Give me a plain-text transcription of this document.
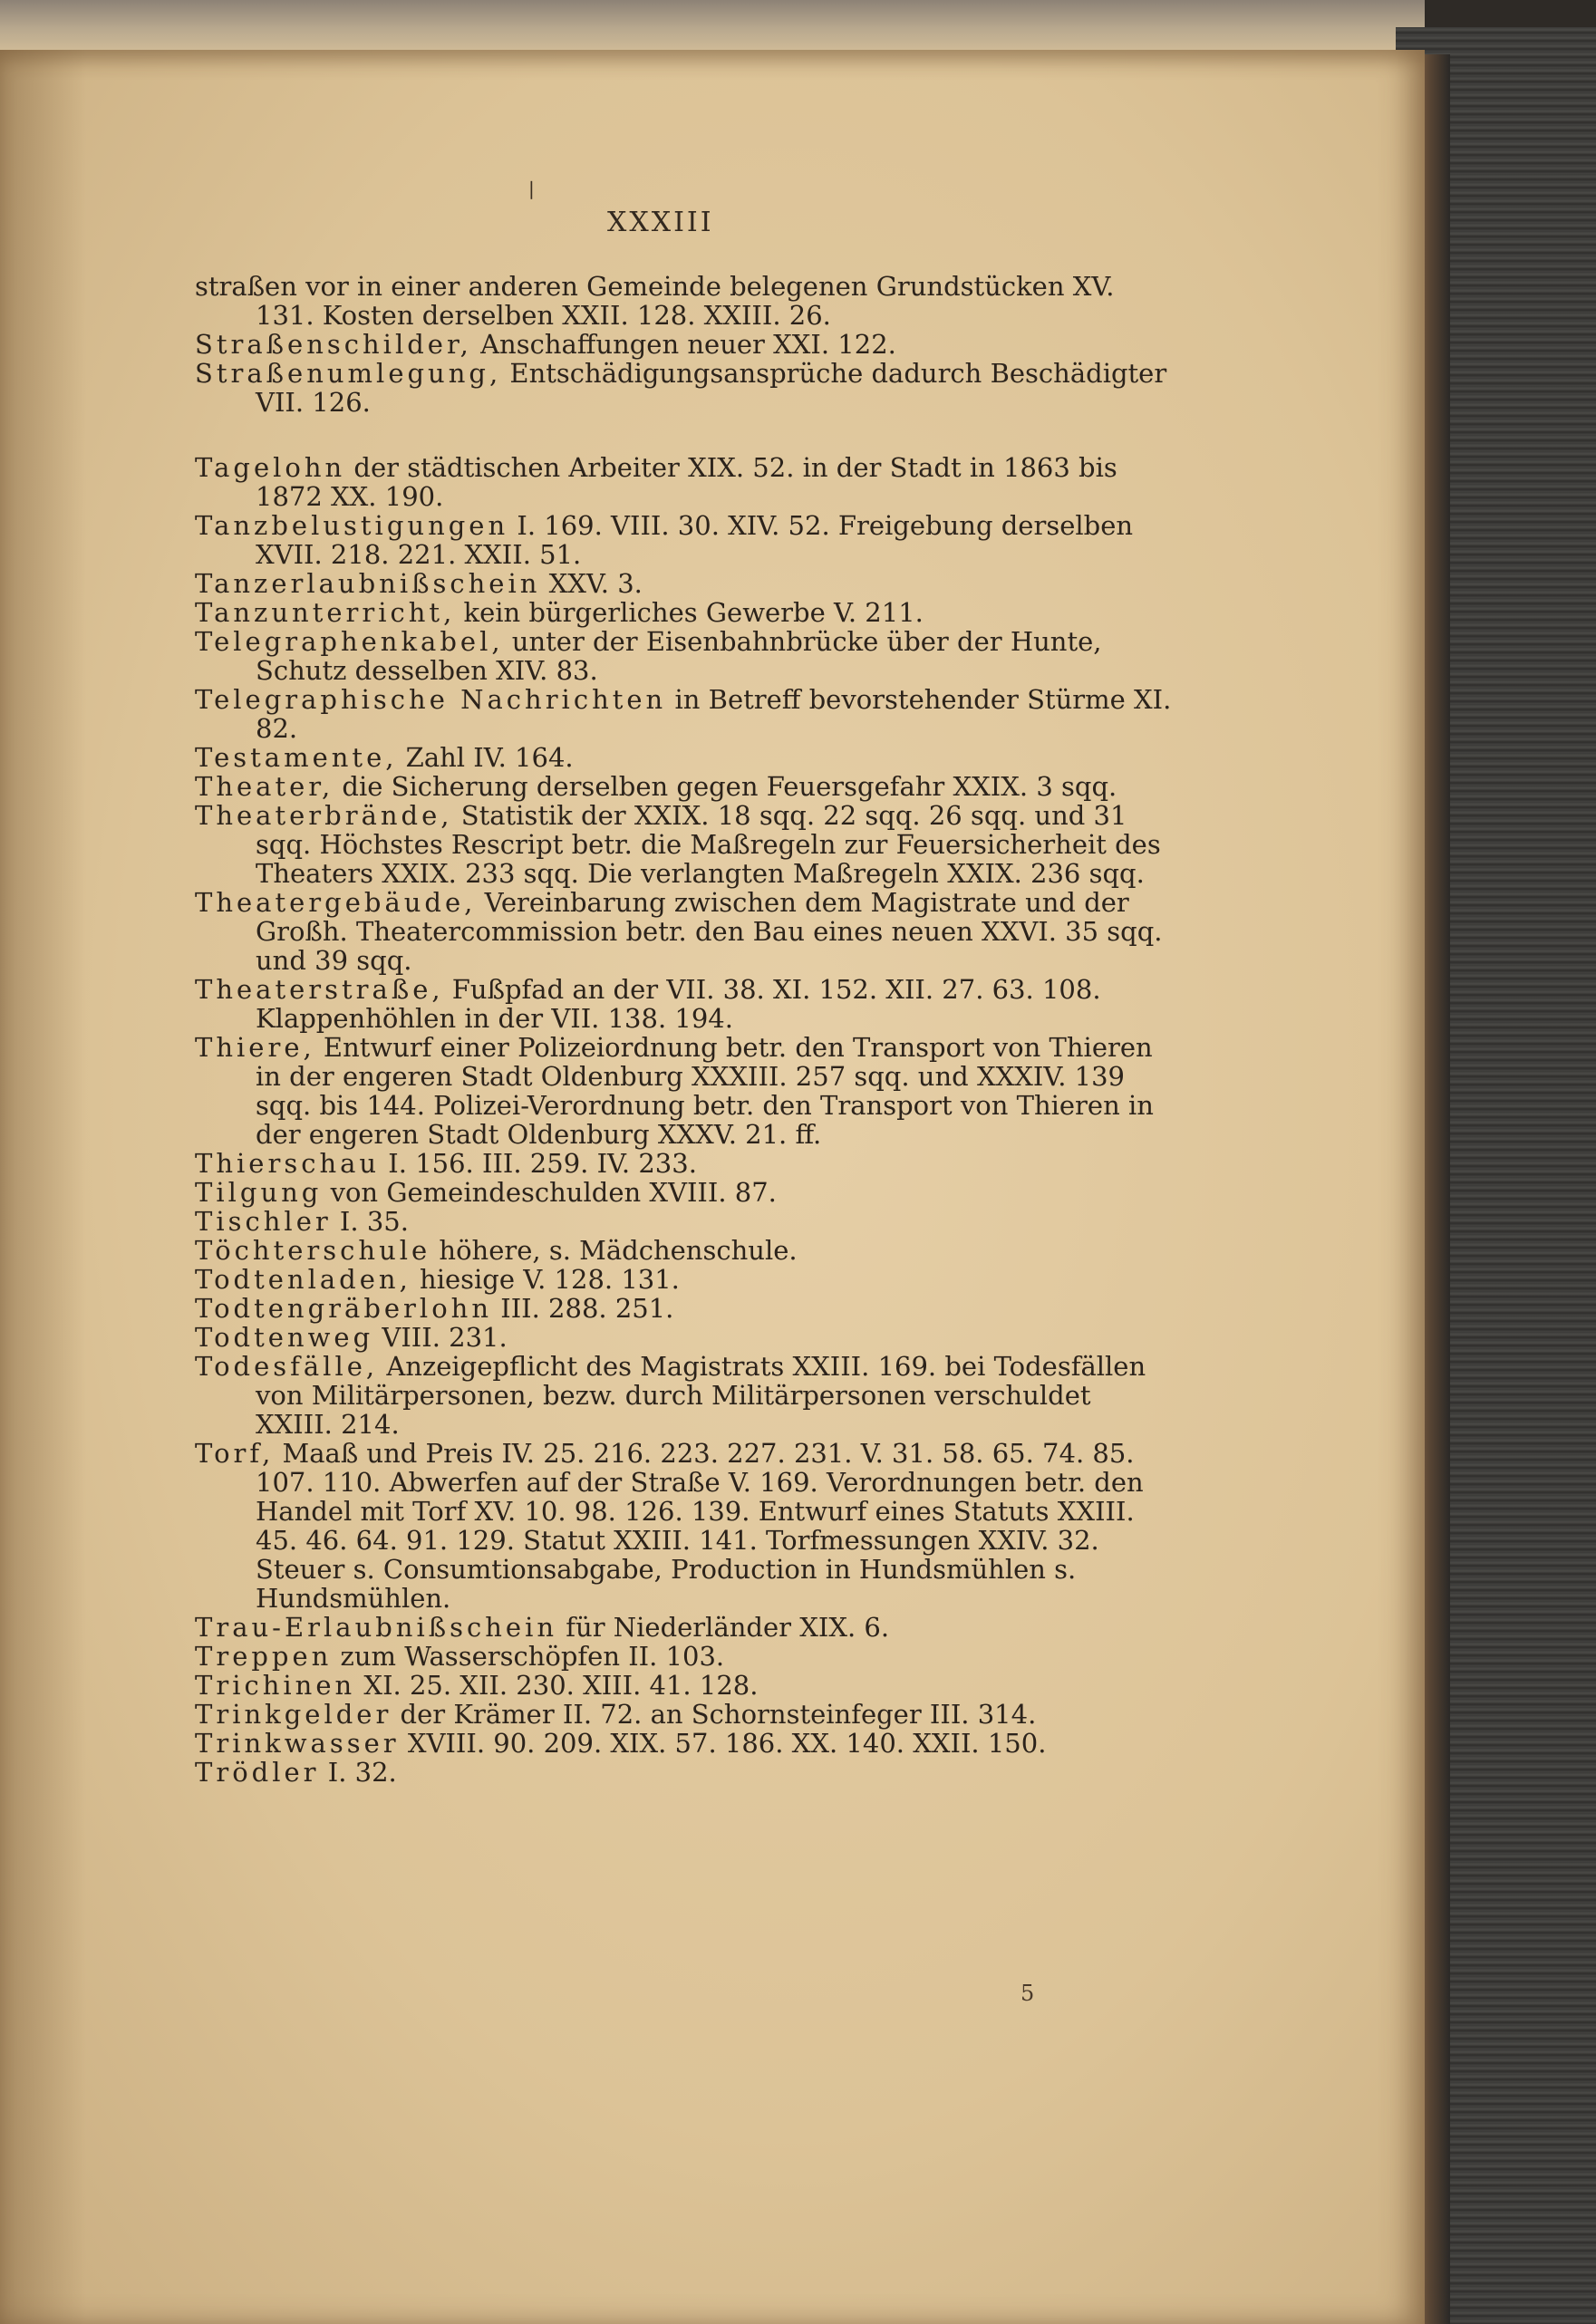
❘
XXXIII

straßen vor in einer anderen Gemeinde belegenen Grundstücken XV. 131. Kosten derselben XXII. 128. XXIII. 26.

Straßenschilder, Anschaffungen neuer XXI. 122.

Straßenumlegung, Entschädigungsansprüche dadurch Beschädigter VII. 126.

Tagelohn der städtischen Arbeiter XIX. 52. in der Stadt in 1863 bis 1872 XX. 190.

Tanzbelustigungen I. 169. VIII. 30. XIV. 52. Freigebung derselben XVII. 218. 221. XXII. 51.

Tanzerlaubnißschein XXV. 3.

Tanzunterricht, kein bürgerliches Gewerbe V. 211.

Telegraphenkabel, unter der Eisenbahnbrücke über der Hunte, Schutz desselben XIV. 83.

Telegraphische Nachrichten in Betreff bevorstehender Stürme XI. 82.

Testamente, Zahl IV. 164.

Theater, die Sicherung derselben gegen Feuersgefahr XXIX. 3 sqq.

Theaterbrände, Statistik der XXIX. 18 sqq. 22 sqq. 26 sqq. und 31 sqq. Höchstes Rescript betr. die Maßregeln zur Feuersicherheit des Theaters XXIX. 233 sqq. Die verlangten Maßregeln XXIX. 236 sqq.

Theatergebäude, Vereinbarung zwischen dem Magistrate und der Großh. Theatercommission betr. den Bau eines neuen XXVI. 35 sqq. und 39 sqq.

Theaterstraße, Fußpfad an der VII. 38. XI. 152. XII. 27. 63. 108. Klappenhöhlen in der VII. 138. 194.

Thiere, Entwurf einer Polizeiordnung betr. den Transport von Thieren in der engeren Stadt Oldenburg XXXIII. 257 sqq. und XXXIV. 139 sqq. bis 144. Polizei-Verordnung betr. den Transport von Thieren in der engeren Stadt Oldenburg XXXV. 21. ff.

Thierschau I. 156. III. 259. IV. 233.

Tilgung von Gemeindeschulden XVIII. 87.

Tischler I. 35.

Töchterschule höhere, s. Mädchenschule.

Todtenladen, hiesige V. 128. 131.

Todtengräberlohn III. 288. 251.

Todtenweg VIII. 231.

Todesfälle, Anzeigepflicht des Magistrats XXIII. 169. bei Todesfällen von Militärpersonen, bezw. durch Militärpersonen verschuldet XXIII. 214.

Torf, Maaß und Preis IV. 25. 216. 223. 227. 231. V. 31. 58. 65. 74. 85. 107. 110. Abwerfen auf der Straße V. 169. Verordnungen betr. den Handel mit Torf XV. 10. 98. 126. 139. Entwurf eines Statuts XXIII. 45. 46. 64. 91. 129. Statut XXIII. 141. Torfmessungen XXIV. 32. Steuer s. Consumtionsabgabe, Production in Hundsmühlen s. Hundsmühlen.

Trau-Erlaubnißschein für Niederländer XIX. 6.

Treppen zum Wasserschöpfen II. 103.

Trichinen XI. 25. XII. 230. XIII. 41. 128.

Trinkgelder der Krämer II. 72. an Schornsteinfeger III. 314.

Trinkwasser XVIII. 90. 209. XIX. 57. 186. XX. 140. XXII. 150.

Trödler I. 32.

5
